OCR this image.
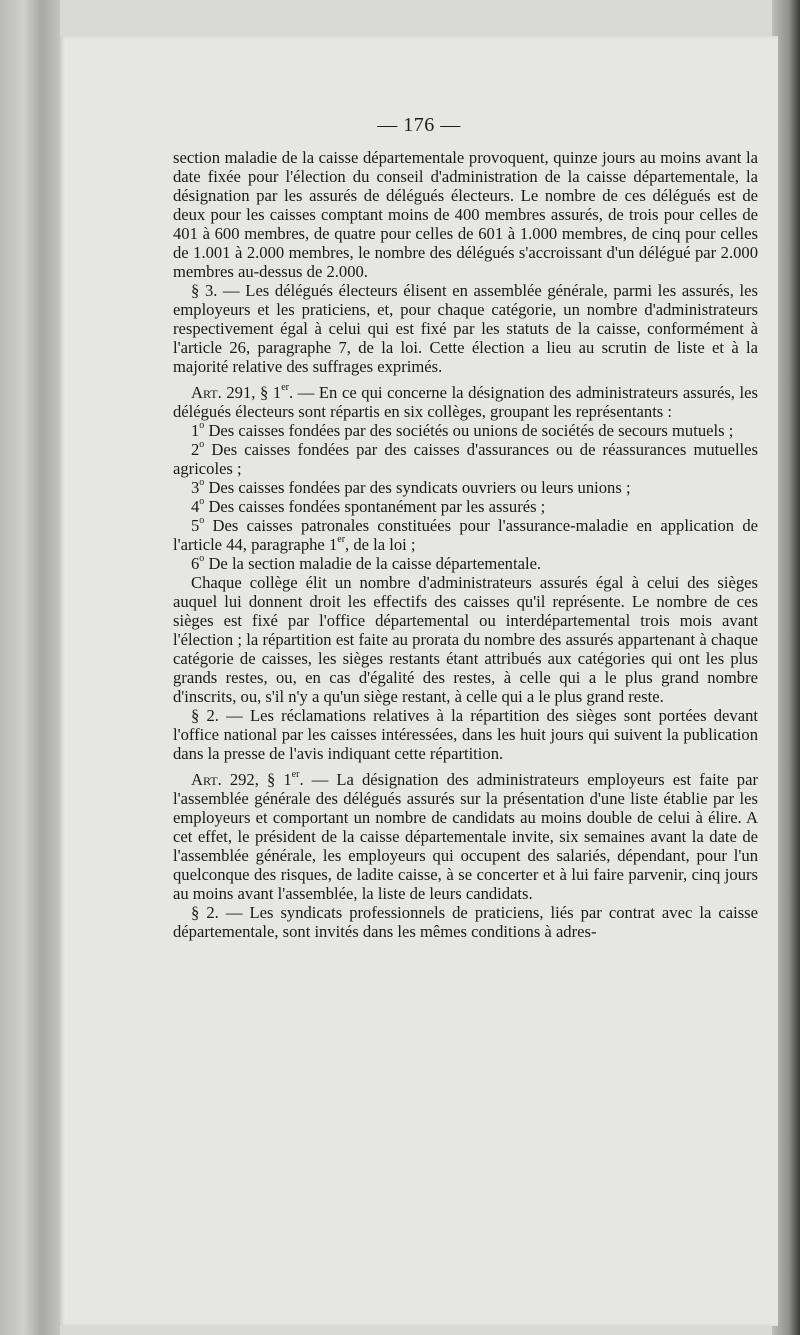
— 176 —

section maladie de la caisse départementale provoquent, quinze jours au moins avant la date fixée pour l'élection du conseil d'administration de la caisse départementale, la désignation par les assurés de délégués électeurs. Le nombre de ces délégués est de deux pour les caisses comptant moins de 400 membres assurés, de trois pour celles de 401 à 600 membres, de quatre pour celles de 601 à 1.000 membres, de cinq pour celles de 1.001 à 2.000 membres, le nombre des délégués s'accroissant d'un délégué par 2.000 membres au-dessus de 2.000.

§ 3. — Les délégués électeurs élisent en assemblée générale, parmi les assurés, les employeurs et les praticiens, et, pour chaque catégorie, un nombre d'administrateurs respectivement égal à celui qui est fixé par les statuts de la caisse, conformément à l'article 26, paragraphe 7, de la loi. Cette élection a lieu au scrutin de liste et à la majorité relative des suffrages exprimés.

Art. 291, § 1er. — En ce qui concerne la désignation des administrateurs assurés, les délégués électeurs sont répartis en six collèges, groupant les représentants :

1$^o$ Des caisses fondées par des sociétés ou unions de sociétés de secours mutuels ;

2$^o$ Des caisses fondées par des caisses d'assurances ou de réassurances mutuelles agricoles ;

3$^o$ Des caisses fondées par des syndicats ouvriers ou leurs unions ;

4$^o$ Des caisses fondées spontanément par les assurés ;

5$^o$ Des caisses patronales constituées pour l'assurance-maladie en application de l'article 44, paragraphe 1er, de la loi ;

6$^o$ De la section maladie de la caisse départementale.

Chaque collège élit un nombre d'administrateurs assurés égal à celui des sièges auquel lui donnent droit les effectifs des caisses qu'il représente. Le nombre de ces sièges est fixé par l'office départemental ou interdépartemental trois mois avant l'élection ; la répartition est faite au prorata du nombre des assurés appartenant à chaque catégorie de caisses, les sièges restants étant attribués aux catégories qui ont les plus grands restes, ou, en cas d'égalité des restes, à celle qui a le plus grand nombre d'inscrits, ou, s'il n'y a qu'un siège restant, à celle qui a le plus grand reste.

§ 2. — Les réclamations relatives à la répartition des sièges sont portées devant l'office national par les caisses intéressées, dans les huit jours qui suivent la publication dans la presse de l'avis indiquant cette répartition.

Art. 292, § 1er. — La désignation des administrateurs employeurs est faite par l'assemblée générale des délégués assurés sur la présentation d'une liste établie par les employeurs et comportant un nombre de candidats au moins double de celui à élire. A cet effet, le président de la caisse départementale invite, six semaines avant la date de l'assemblée générale, les employeurs qui occupent des salariés, dépendant, pour l'un quelconque des risques, de ladite caisse, à se concerter et à lui faire parvenir, cinq jours au moins avant l'assemblée, la liste de leurs candidats.

§ 2. — Les syndicats professionnels de praticiens, liés par contrat avec la caisse départementale, sont invités dans les mêmes conditions à adres-
